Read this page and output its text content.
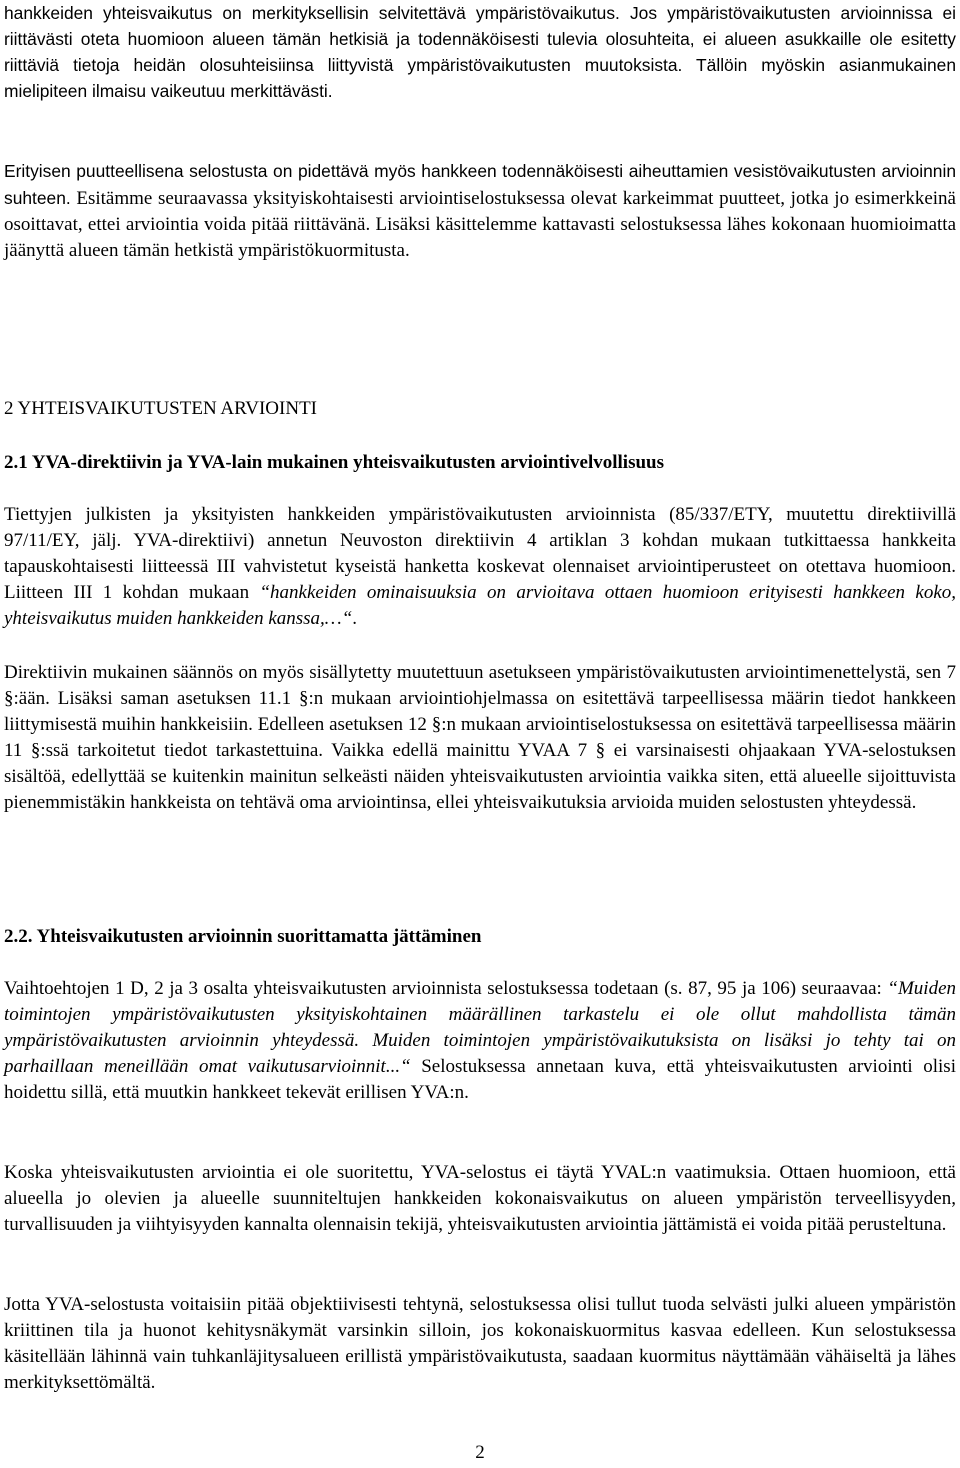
hankkeiden yhteisvaikutus on merkityksellisin selvitettävä ympäristövaikutus. Jos ympäristövaikutusten arvioinnissa ei riittävästi oteta huomioon alueen tämän hetkisiä ja todennäköisesti tulevia olosuhteita, ei alueen asukkaille ole esitetty riittäviä tietoja heidän olosuhteisiinsa liittyvistä ympäristövaikutusten muutoksista. Tällöin myöskin asianmukainen mielipiteen ilmaisu vaikeutuu merkittävästi.

Erityisen puutteellisena selostusta on pidettävä myös hankkeen todennäköisesti aiheuttamien vesistövaikutusten arvioinnin suhteen. Esitämme seuraavassa yksityiskohtaisesti arviointiselostuksessa olevat karkeimmat puutteet, jotka jo esimerkkeinä osoittavat, ettei arviointia voida pitää riittävänä. Lisäksi käsittelemme kattavasti selostuksessa lähes kokonaan huomioimatta jäänyttä alueen tämän hetkistä ympäristökuormitusta.

2 YHTEISVAIKUTUSTEN ARVIOINTI
2.1 YVA-direktiivin ja YVA-lain mukainen yhteisvaikutusten arviointivelvollisuus

Tiettyjen julkisten ja yksityisten hankkeiden ympäristövaikutusten arvioinnista (85/337/ETY, muutettu direktiivillä 97/11/EY, jälj. YVA-direktiivi) annetun Neuvoston direktiivin 4 artiklan 3 kohdan mukaan tutkittaessa hankkeita tapauskohtaisesti liitteessä III vahvistetut kyseistä hanketta koskevat olennaiset arviointiperusteet on otettava huomioon. Liitteen III 1 kohdan mukaan “hankkeiden ominaisuuksia on arvioitava ottaen huomioon erityisesti hankkeen koko, yhteisvaikutus muiden hankkeiden kanssa,…“.

Direktiivin mukainen säännös on myös sisällytetty muutettuun asetukseen ympäristövaikutusten arviointimenettelystä, sen 7 §:ään. Lisäksi saman asetuksen 11.1 §:n mukaan arviointiohjelmassa on esitettävä tarpeellisessa määrin tiedot hankkeen liittymisestä muihin hankkeisiin. Edelleen asetuksen 12 §:n mukaan arviointiselostuksessa on esitettävä tarpeellisessa määrin 11 §:ssä tarkoitetut tiedot tarkastettuina. Vaikka edellä mainittu YVAA 7 § ei varsinaisesti ohjaakaan YVA-selostuksen sisältöä, edellyttää se kuitenkin mainitun selkeästi näiden yhteisvaikutusten arviointia vaikka siten, että alueelle sijoittuvista pienemmistäkin hankkeista on tehtävä oma arviointinsa, ellei yhteisvaikutuksia arvioida muiden selostusten yhteydessä.

2.2. Yhteisvaikutusten arvioinnin suorittamatta jättäminen

Vaihtoehtojen 1 D, 2 ja 3 osalta yhteisvaikutusten arvioinnista selostuksessa todetaan (s. 87, 95 ja 106) seuraavaa: “Muiden toimintojen ympäristövaikutusten yksityiskohtainen määrällinen tarkastelu ei ole ollut mahdollista tämän ympäristövaikutusten arvioinnin yhteydessä. Muiden toimintojen ympäristövaikutuksista on lisäksi jo tehty tai on parhaillaan meneillään omat vaikutusarvioinnit...“ Selostuksessa annetaan kuva, että yhteisvaikutusten arviointi olisi hoidettu sillä, että muutkin hankkeet tekevät erillisen YVA:n.

Koska yhteisvaikutusten arviointia ei ole suoritettu, YVA-selostus ei täytä YVAL:n vaatimuksia. Ottaen huomioon, että alueella jo olevien ja alueelle suunniteltujen hankkeiden kokonaisvaikutus on alueen ympäristön terveellisyyden, turvallisuuden ja viihtyisyyden kannalta olennaisin tekijä, yhteisvaikutusten arviointia jättämistä ei voida pitää perusteltuna.

Jotta YVA-selostusta voitaisiin pitää objektiivisesti tehtynä, selostuksessa olisi tullut tuoda selvästi julki alueen ympäristön kriittinen tila ja huonot kehitysnäkymät varsinkin silloin, jos kokonaiskuormitus kasvaa edelleen. Kun selostuksessa käsitellään lähinnä vain tuhkanläjitysalueen erillistä ympäristövaikutusta, saadaan kuormitus näyttämään vähäiseltä ja lähes merkityksettömältä.

2
